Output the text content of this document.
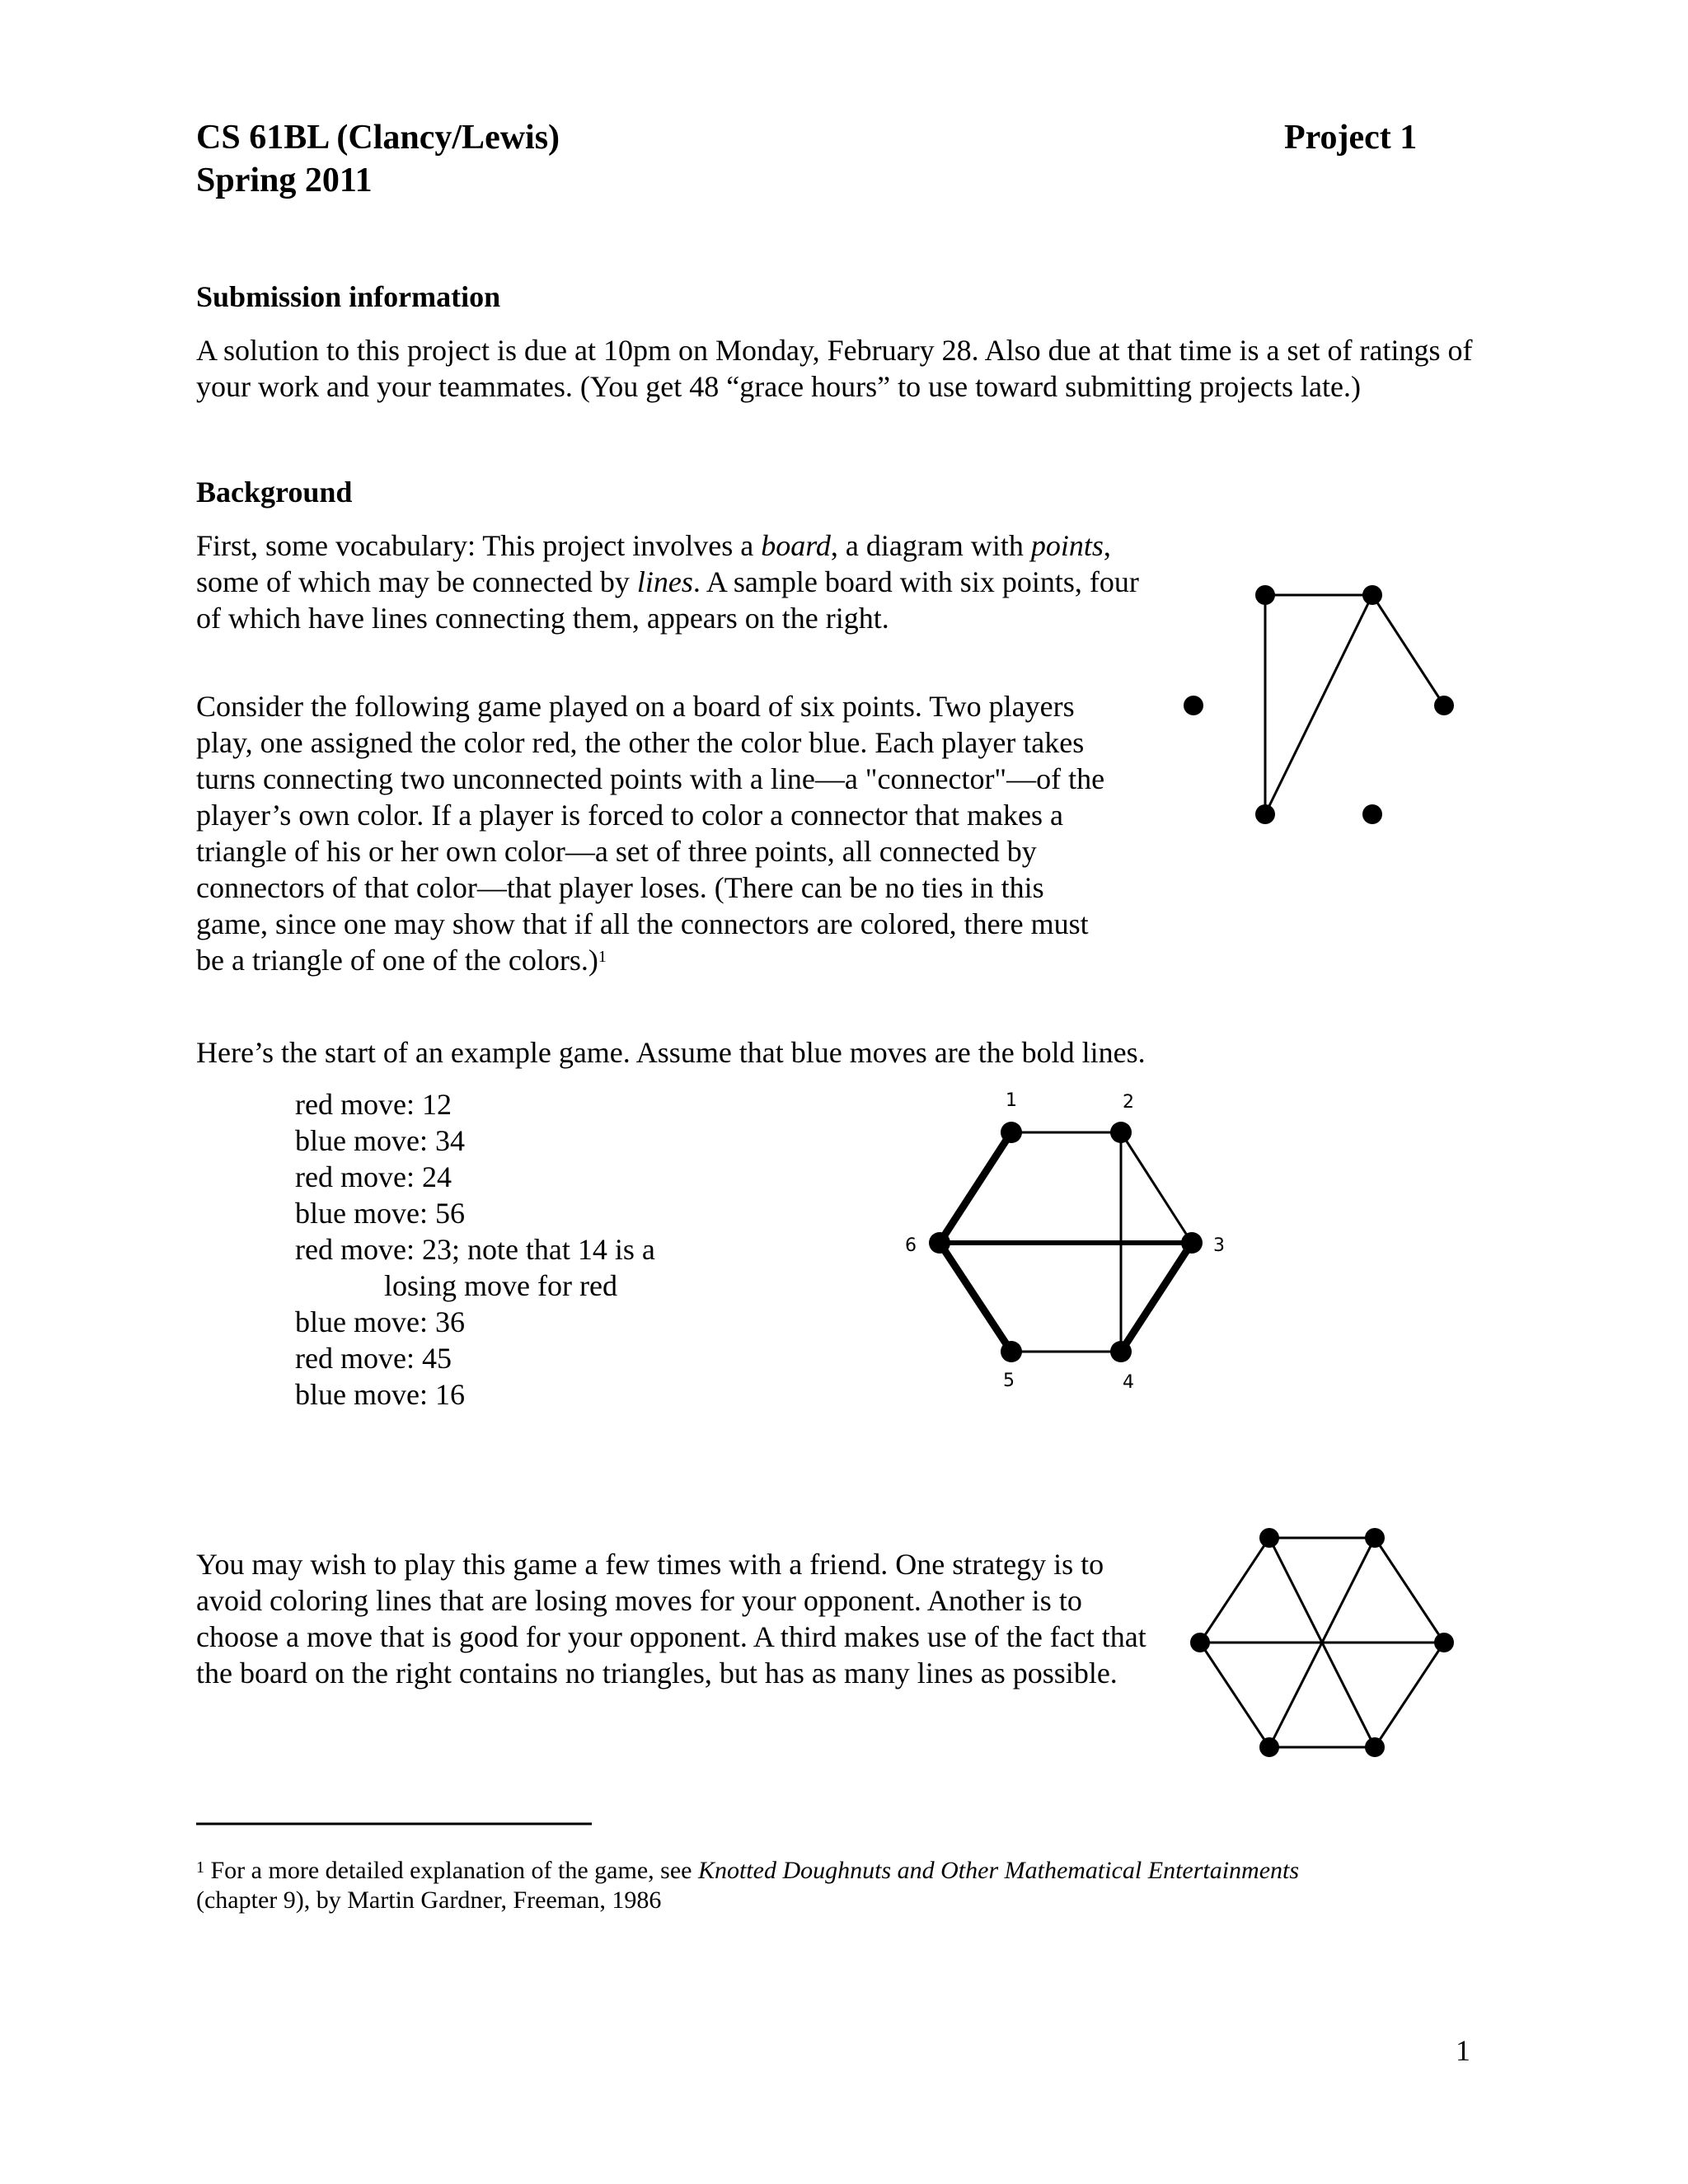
CS 61BL (Clancy/Lewis)
Spring 2011
Project 1
Submission information
A solution to this project is due at 10pm on Monday, February 28. Also due at that time is a set of ratings of your work and your teammates. (You get 48 “grace hours” to use toward submitting projects late.)
Background
First, some vocabulary: This project involves a board, a diagram with points, some of which may be connected by lines. A sample board with six points, four of which have lines connecting them, appears on the right.
Consider the following game played on a board of six points. Two players play, one assigned the color red, the other the color blue. Each player takes turns connecting two unconnected points with a line—a "connector"—of the player’s own color. If a player is forced to color a connector that makes a triangle of his or her own color—a set of three points, all connected by connectors of that color—that player loses. (There can be no ties in this game, since one may show that if all the connectors are colored, there must be a triangle of one of the colors.)$^1$
Here’s the start of an example game. Assume that blue moves are the bold lines.
red move: 12
blue move: 34
red move: 24
blue move: 56
red move: 23; note that 14 is a
losing move for red
blue move: 36
red move: 45
blue move: 16
You may wish to play this game a few times with a friend. One strategy is to avoid coloring lines that are losing moves for your opponent. Another is to choose a move that is good for your opponent. A third makes use of the fact that the board on the right contains no triangles, but has as many lines as possible.
1	2
3
4
5
6
$^1$ For a more detailed explanation of the game, see Knotted Doughnuts and Other Mathematical Entertainments
(chapter 9), by Martin Gardner, Freeman, 1986
1
